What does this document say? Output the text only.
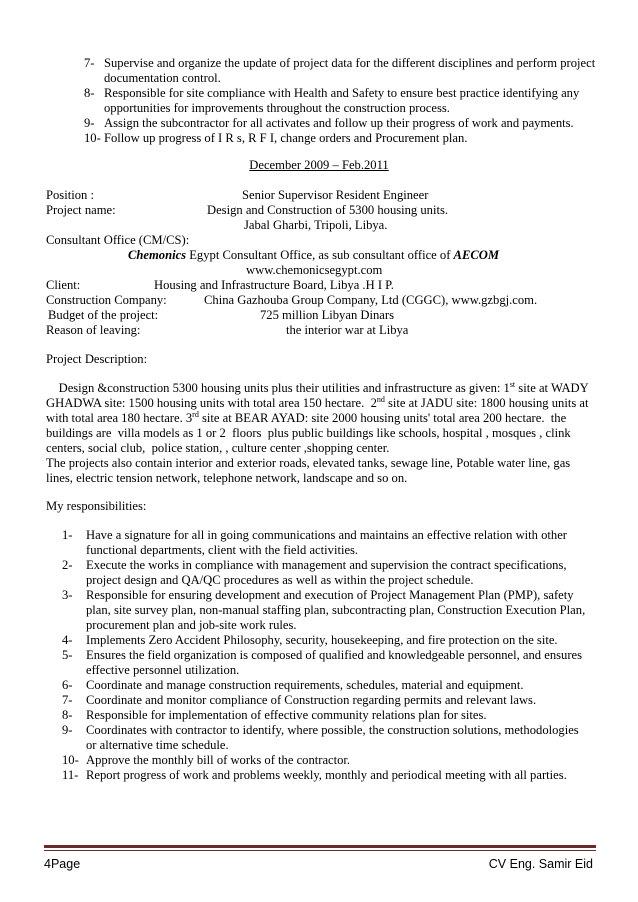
7- Supervise and organize the update of project data for the different disciplines and perform project documentation control.
8- Responsible for site compliance with Health and Safety to ensure best practice identifying any opportunities for improvements throughout the construction process.
9- Assign the subcontractor for all activates and follow up their progress of work and payments.
10- Follow up progress of I R s, R F I, change orders and Procurement plan.
December 2009 – Feb.2011
Position :	Senior Supervisor Resident Engineer
Project name:	Design and Construction of 5300 housing units.
Jabal Gharbi, Tripoli, Libya.
Consultant Office (CM/CS):
Chemonics Egypt Consultant Office, as sub consultant office of AECOM
www.chemonicsegypt.com
Client:	Housing and Infrastructure Board, Libya .H I P.
Construction Company:	China Gazhouba Group Company, Ltd (CGGC), www.gzbgj.com.
Budget of the project:	725 million Libyan Dinars
Reason of leaving:	the interior war at Libya
Project Description:
Design &construction 5300 housing units plus their utilities and infrastructure as given: 1st site at WADY GHADWA site: 1500 housing units with total area 150 hectare.  2nd site at JADU site: 1800 housing units at with total area 180 hectare. 3rd site at BEAR AYAD: site 2000 housing units' total area 200 hectare.  the buildings are  villa models as 1 or 2  floors  plus public buildings like schools, hospital , mosques , clink centers, social club,  police station, , culture center ,shopping center.
The projects also contain interior and exterior roads, elevated tanks, sewage line, Potable water line, gas lines, electric tension network, telephone network, landscape and so on.
My responsibilities:
1-	Have a signature for all in going communications and maintains an effective relation with other functional departments, client with the field activities.
2-	Execute the works in compliance with management and supervision the contract specifications, project design and QA/QC procedures as well as within the project schedule.
3-	Responsible for ensuring development and execution of Project Management Plan (PMP), safety plan, site survey plan, non-manual staffing plan, subcontracting plan, Construction Execution Plan, procurement plan and job-site work rules.
4-	Implements Zero Accident Philosophy, security, housekeeping, and fire protection on the site.
5-	Ensures the field organization is composed of qualified and knowledgeable personnel, and ensures effective personnel utilization.
6-	Coordinate and manage construction requirements, schedules, material and equipment.
7-	Coordinate and monitor compliance of Construction regarding permits and relevant laws.
8-	Responsible for implementation of effective community relations plan for sites.
9-	Coordinates with contractor to identify, where possible, the construction solutions, methodologies or alternative time schedule.
10- Approve the monthly bill of works of the contractor.
11- Report progress of work and problems weekly, monthly and periodical meeting with all parties.
4Page	CV Eng. Samir Eid
